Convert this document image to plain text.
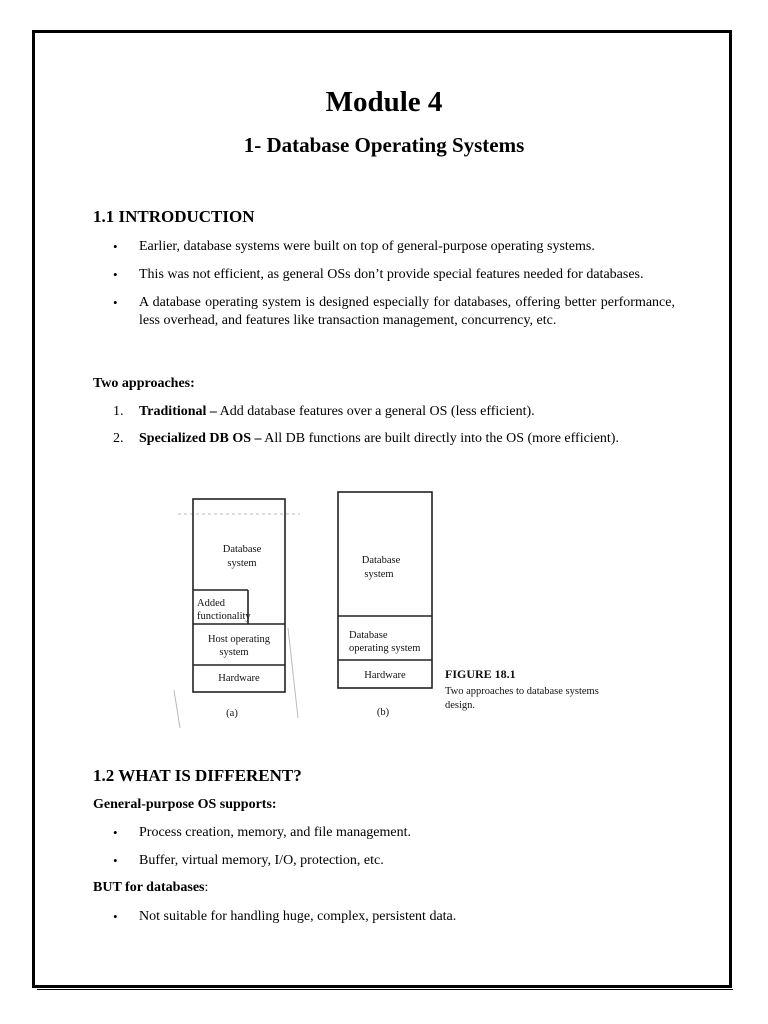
Module 4
1- Database Operating Systems
1.1 INTRODUCTION
• Earlier, database systems were built on top of general-purpose operating systems.
• This was not efficient, as general OSs don’t provide special features needed for databases.
• A database operating system is designed especially for databases, offering better performance, less overhead, and features like transaction management, concurrency, etc.
Two approaches:
1. Traditional – Add database features over a general OS (less efficient).
2. Specialized DB OS – All DB functions are built directly into the OS (more efficient).
Database
system
Added
functionality
Host operating
system
Hardware
(a)
Database
system
Database
operating system
Hardware
(b)
FIGURE 18.1
Two approaches to database systems
design.
1.2 WHAT IS DIFFERENT?
General-purpose OS supports:
• Process creation, memory, and file management.
• Buffer, virtual memory, I/O, protection, etc.
BUT for databases:
• Not suitable for handling huge, complex, persistent data.
